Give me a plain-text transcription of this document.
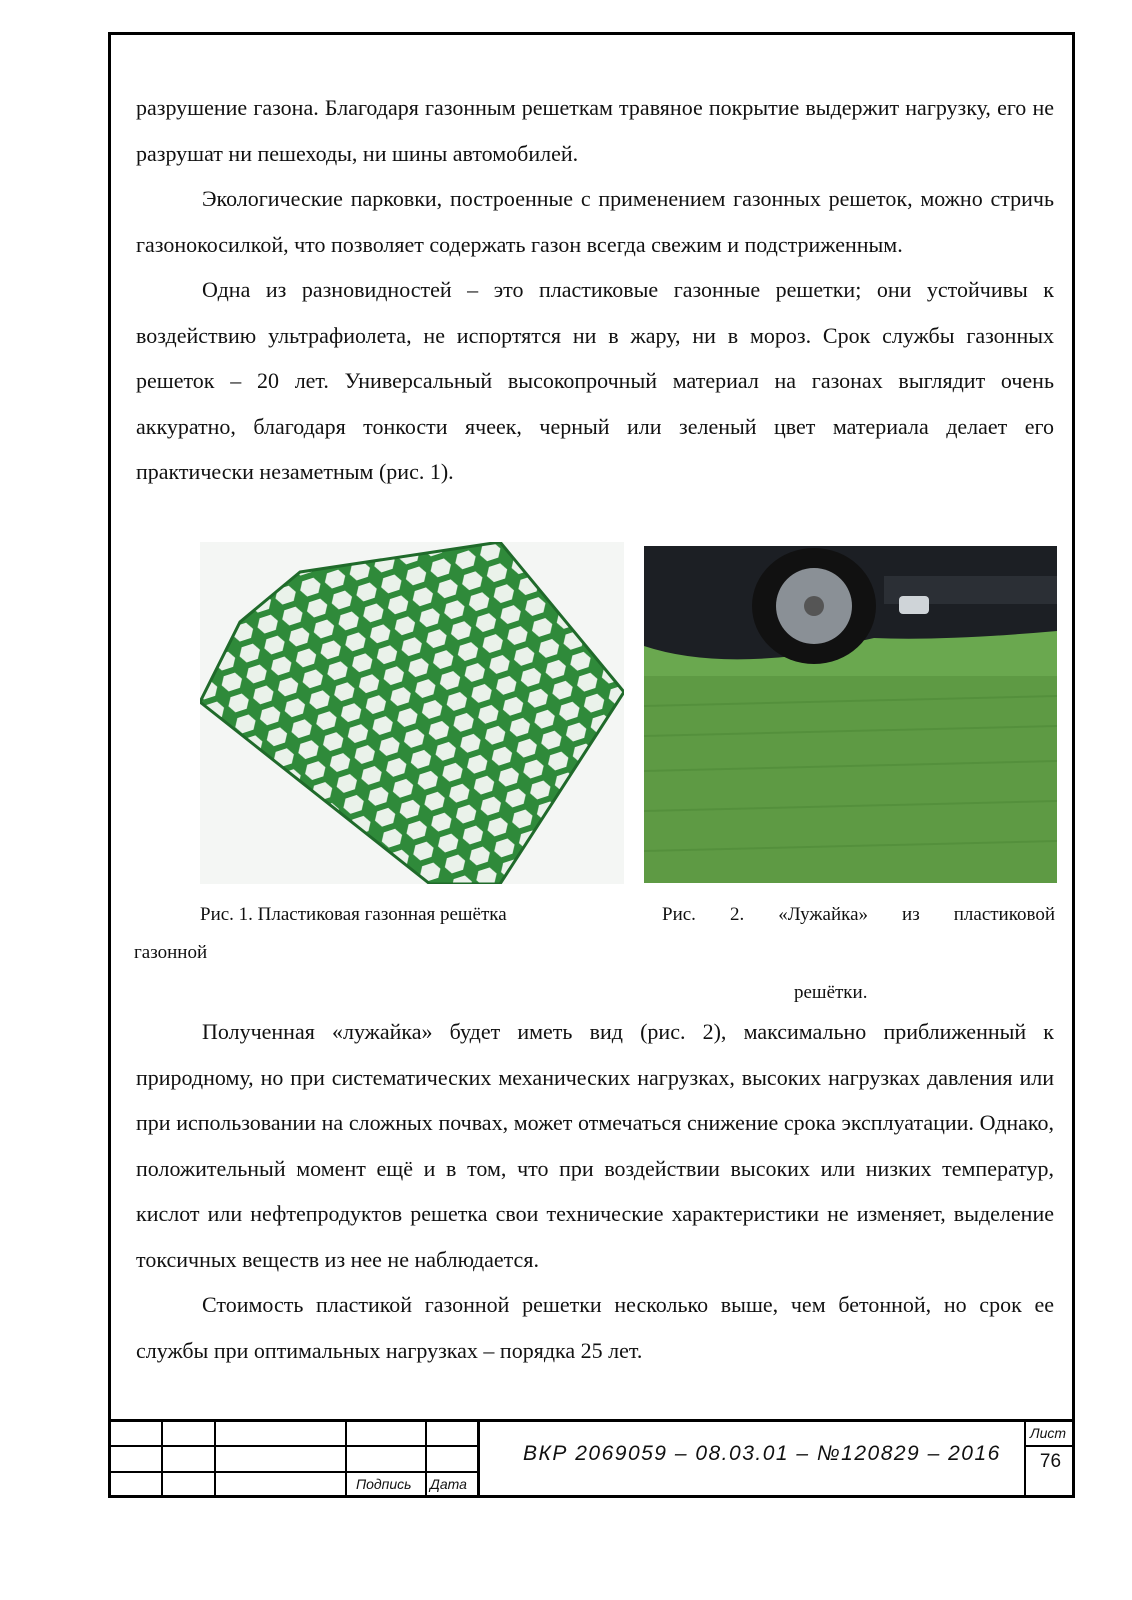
разрушение газона. Благодаря газонным решеткам травяное покрытие выдержит нагрузку, его не разрушат ни пешеходы, ни шины автомобилей.

Экологические парковки, построенные с применением газонных решеток, можно стричь газонокосилкой, что позволяет содержать газон всегда свежим и подстриженным.

Одна из разновидностей – это пластиковые газонные решетки; они устойчивы к воздействию ультрафиолета, не испортятся ни в жару, ни в мороз. Срок службы газонных решеток – 20 лет. Универсальный высокопрочный материал на газонах выглядит очень аккуратно, благодаря тонкости ячеек, черный или зеленый цвет материала делает его практически незаметным (рис. 1).

Рис. 1. Пластиковая газонная решётка

газонной

Рис. 2. «Лужайка» из пластиковой

решётки.

Полученная «лужайка» будет иметь вид (рис. 2), максимально приближенный к природному, но при систематических механических нагрузках, высоких нагрузках давления или при использовании на сложных почвах, может отмечаться снижение срока эксплуатации. Однако, положительный момент ещё и в том, что при воздействии высоких или низких температур, кислот или нефтепродуктов решетка свои технические характеристики не изменяет, выделение токсичных веществ из нее не наблюдается.

Стоимость пластикой газонной решетки несколько выше, чем бетонной, но срок ее службы при оптимальных нагрузках – порядка 25 лет.

Подпись Дата
ВКР 2069059 – 08.03.01 – №120829 – 2016
Лист
76
